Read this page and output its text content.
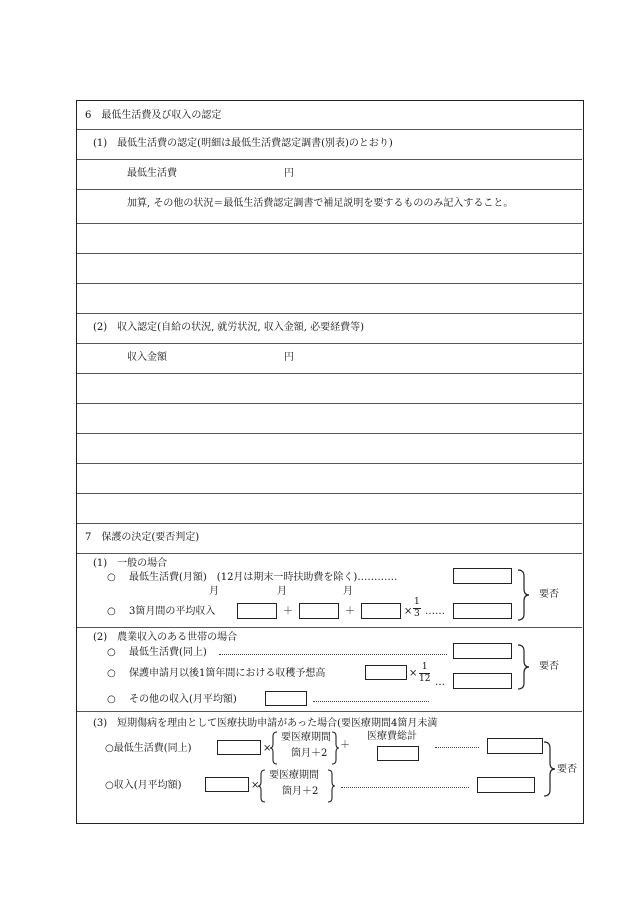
6　最低生活費及び収入の認定
(1)　最低生活費の認定(明細は最低生活費認定調書(別表)のとおり)
最低生活費	円
加算, その他の状況＝最低生活費認定調書で補足説明を要するもののみ記入すること。
(2)　収入認定(自給の状況, 就労状況, 収入金額, 必要経費等)
収入金額	円
7　保護の決定(要否判定)
(1)　一般の場合
○ 最低生活費(月額)　(12月は期末一時扶助費を除く)…………
月	月	月
○ 3箇月間の平均収入	＋	＋	× $\frac{1}{3}$ ……
要否
(2)　農業収入のある世帯の場合
○ 最低生活費(同上)
○ 保護申請月以後1箇年間における収穫予想高	× $\frac{1}{12}$ …
要否
○ その他の収入(月平均額)
(3)　短期傷病を理由として医療扶助申請があった場合(要医療期間4箇月未満
○最低生活費(同上)	×
要医療期間
箇月＋2
＋
医療費総計
○収入(月平均額)	×
要医療期間
箇月＋2
要否
